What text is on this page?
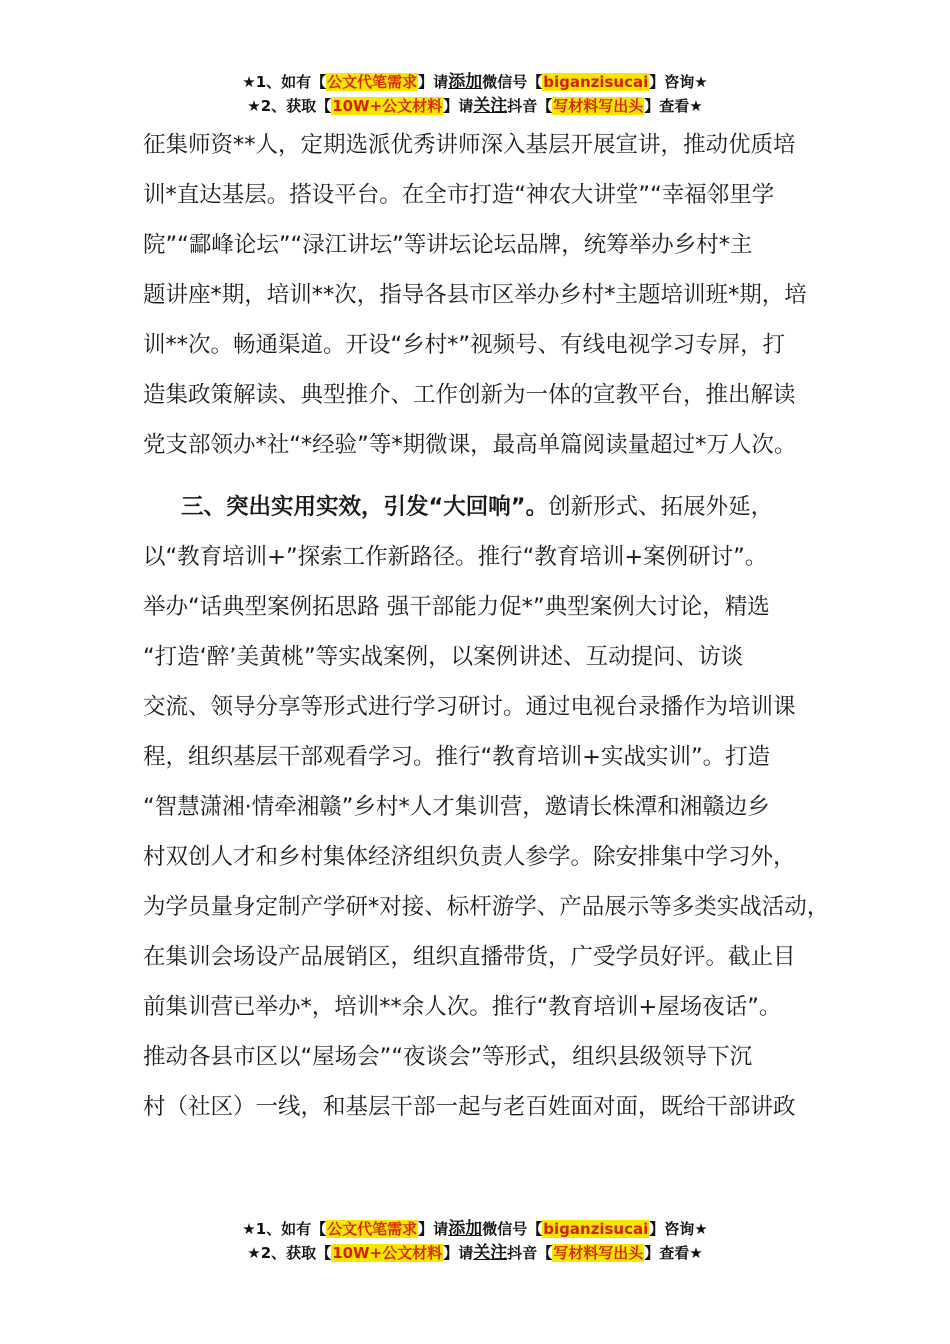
★1、如有【公文代笔需求】请添加微信号【biganzisucai】咨询★
★2、获取【10W+公文材料】请关注抖音【写材料写出头】查看★
征集师资**人，定期选派优秀讲师深入基层开展宣讲，推动优质培
训*直达基层。搭设平台。在全市打造“神农大讲堂”“幸福邻里学
院”“酃峰论坛”“渌江讲坛”等讲坛论坛品牌，统筹举办乡村*主
题讲座*期，培训**次，指导各县市区举办乡村*主题培训班*期，培
训**次。畅通渠道。开设“乡村*”视频号、有线电视学习专屏，打
造集政策解读、典型推介、工作创新为一体的宣教平台，推出解读
党支部领办*社“*经验”等*期微课，最高单篇阅读量超过*万人次。
三、突出实用实效，引发“大回响”。创新形式、拓展外延，
以“教育培训+”探索工作新路径。推行“教育培训+案例研讨”。
举办“话典型案例拓思路 强干部能力促*”典型案例大讨论，精选
“打造‘醉’美黄桃”等实战案例，以案例讲述、互动提问、访谈
交流、领导分享等形式进行学习研讨。通过电视台录播作为培训课
程，组织基层干部观看学习。推行“教育培训+实战实训”。打造
“智慧潇湘·情牵湘赣”乡村*人才集训营，邀请长株潭和湘赣边乡
村双创人才和乡村集体经济组织负责人参学。除安排集中学习外，
为学员量身定制产学研*对接、标杆游学、产品展示等多类实战活动，
在集训会场设产品展销区，组织直播带货，广受学员好评。截止目
前集训营已举办*，培训**余人次。推行“教育培训+屋场夜话”。
推动各县市区以“屋场会”“夜谈会”等形式，组织县级领导下沉
村（社区）一线，和基层干部一起与老百姓面对面，既给干部讲政
★1、如有【公文代笔需求】请添加微信号【biganzisucai】咨询★
★2、获取【10W+公文材料】请关注抖音【写材料写出头】查看★
